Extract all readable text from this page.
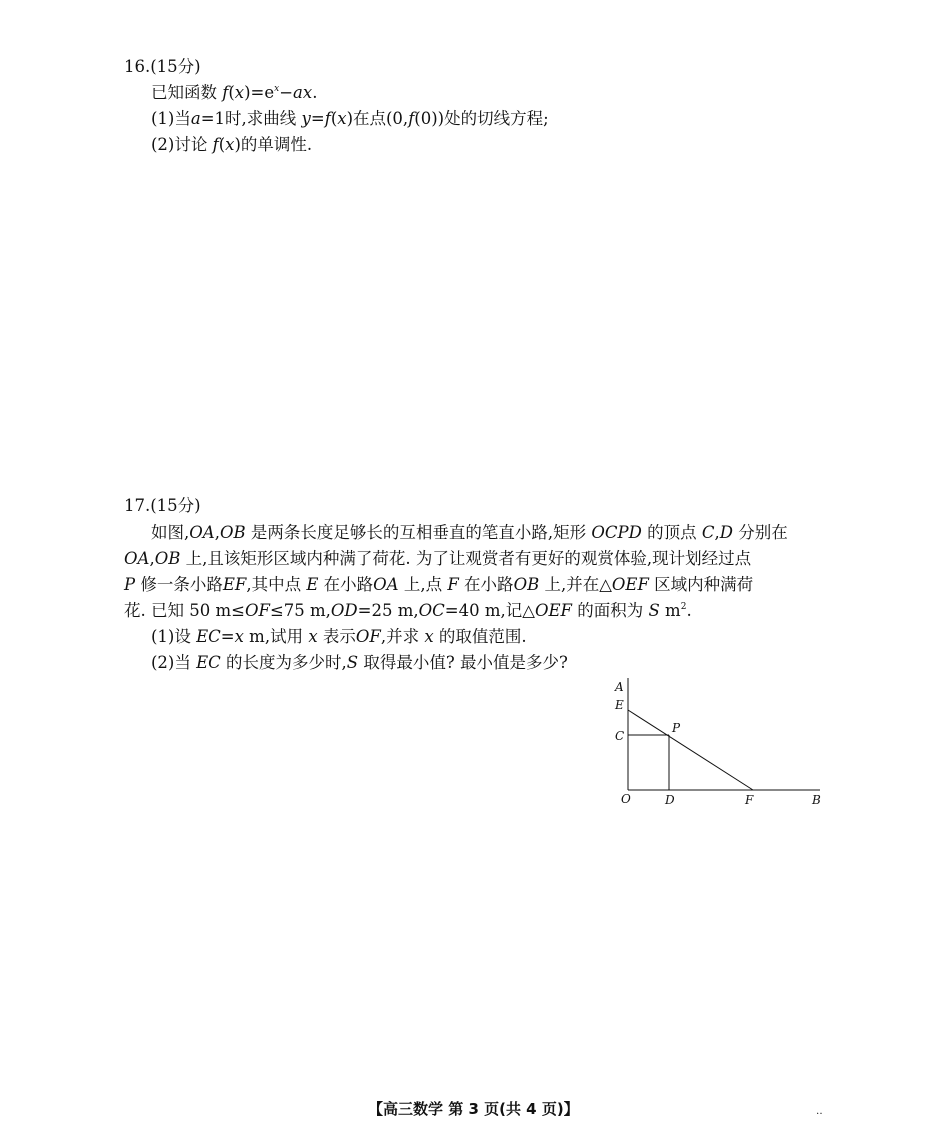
16.(15分)
已知函数 $f(x)=e^x-ax$.
(1)当a=1时,求曲线 y=f(x)在点(0,f(0))处的切线方程;
(2)讨论 f(x)的单调性.
17.(15分)
如图,OA,OB 是两条长度足够长的互相垂直的笔直小路,矩形 OCPD 的顶点 C,D 分别在
OA,OB 上,且该矩形区域内种满了荷花. 为了让观赏者有更好的观赏体验,现计划经过点
P 修一条小路EF,其中点 E 在小路OA 上,点 F 在小路OB 上,并在△OEF 区域内种满荷
花. 已知 50 m≤OF≤75 m,OD=25 m,OC=40 m,记△OEF 的面积为 S $m^2$.
(1)设 EC=x m,试用 x 表示OF,并求 x 的取值范围.
(2)当 EC 的长度为多少时,S 取得最小值? 最小值是多少?
A
E
C
P
O	D	F	B
【高三数学 第 3 页(共 4 页)】	‥
